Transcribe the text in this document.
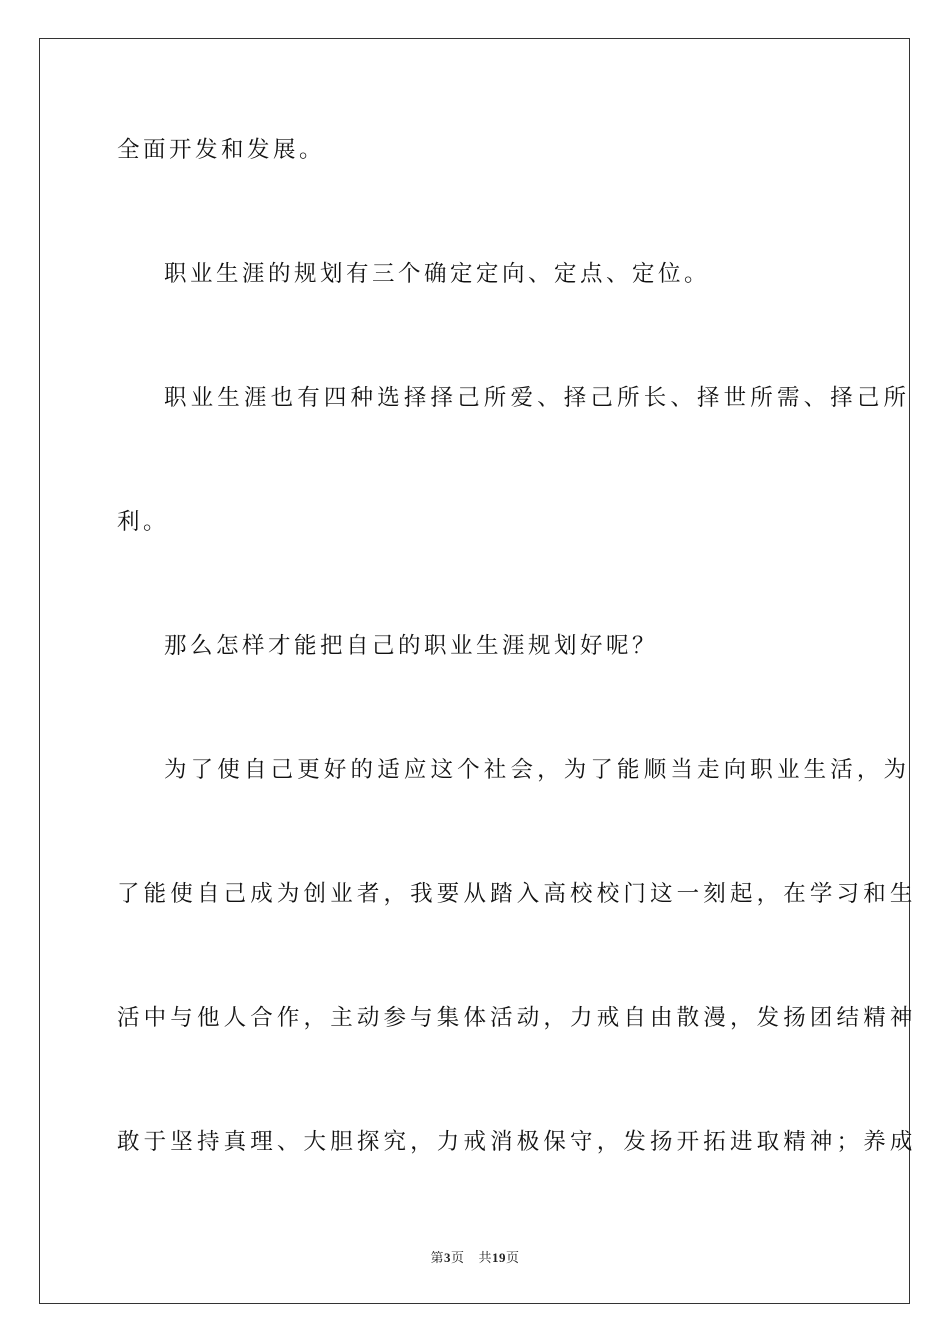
全面开发和发展。
职业生涯的规划有三个确定定向、定点、定位。
职业生涯也有四种选择择己所爱、择己所长、择世所需、择己所
利。
那么怎样才能把自己的职业生涯规划好呢？
为了使自己更好的适应这个社会，为了能顺当走向职业生活，为
了能使自己成为创业者，我要从踏入高校校门这一刻起，在学习和生
活中与他人合作，主动参与集体活动，力戒自由散漫，发扬团结精神
敢于坚持真理、大胆探究，力戒消极保守，发扬开拓进取精神；养成
第3页 共19页
